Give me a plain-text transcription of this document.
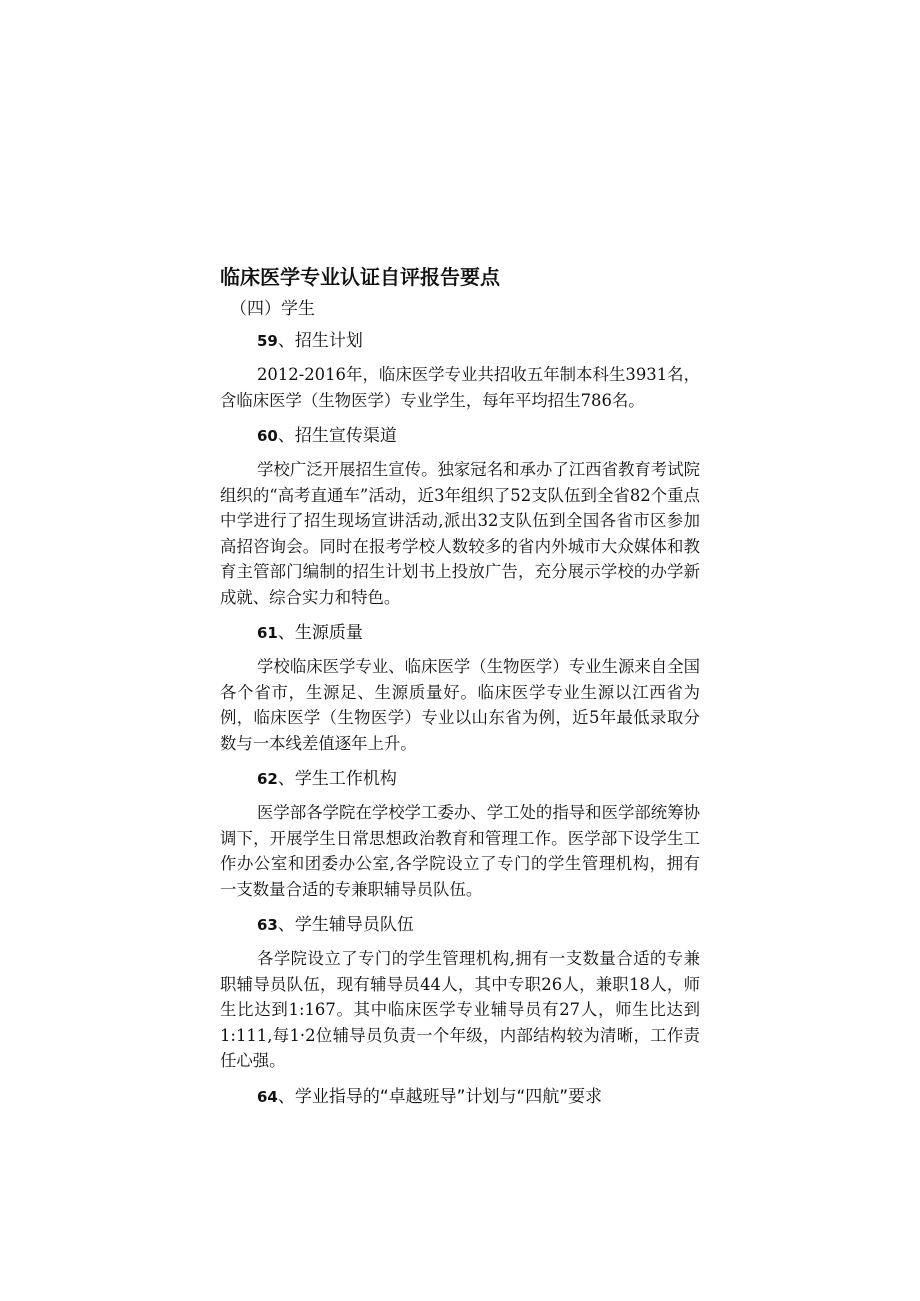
临床医学专业认证自评报告要点
（四）学生
59、招生计划

2012-2016年，临床医学专业共招收五年制本科生3931名，含临床医学（生物医学）专业学生，每年平均招生786名。

60、招生宣传渠道

学校广泛开展招生宣传。独家冠名和承办了江西省教育考试院组织的“高考直通车”活动，近3年组织了52支队伍到全省82个重点中学进行了招生现场宣讲活动,派出32支队伍到全国各省市区参加高招咨询会。同时在报考学校人数较多的省内外城市大众媒体和教育主管部门编制的招生计划书上投放广告，充分展示学校的办学新成就、综合实力和特色。

61、生源质量

学校临床医学专业、临床医学（生物医学）专业生源来自全国各个省市，生源足、生源质量好。临床医学专业生源以江西省为例，临床医学（生物医学）专业以山东省为例，近5年最低录取分数与一本线差值逐年上升。

62、学生工作机构

医学部各学院在学校学工委办、学工处的指导和医学部统筹协调下，开展学生日常思想政治教育和管理工作。医学部下设学生工作办公室和团委办公室,各学院设立了专门的学生管理机构，拥有一支数量合适的专兼职辅导员队伍。

63、学生辅导员队伍

各学院设立了专门的学生管理机构,拥有一支数量合适的专兼职辅导员队伍，现有辅导员44人，其中专职26人，兼职18人，师生比达到1:167。其中临床医学专业辅导员有27人，师生比达到1:111,每1·2位辅导员负责一个年级，内部结构较为清晰，工作责任心强。

64、学业指导的“卓越班导”计划与“四航”要求
